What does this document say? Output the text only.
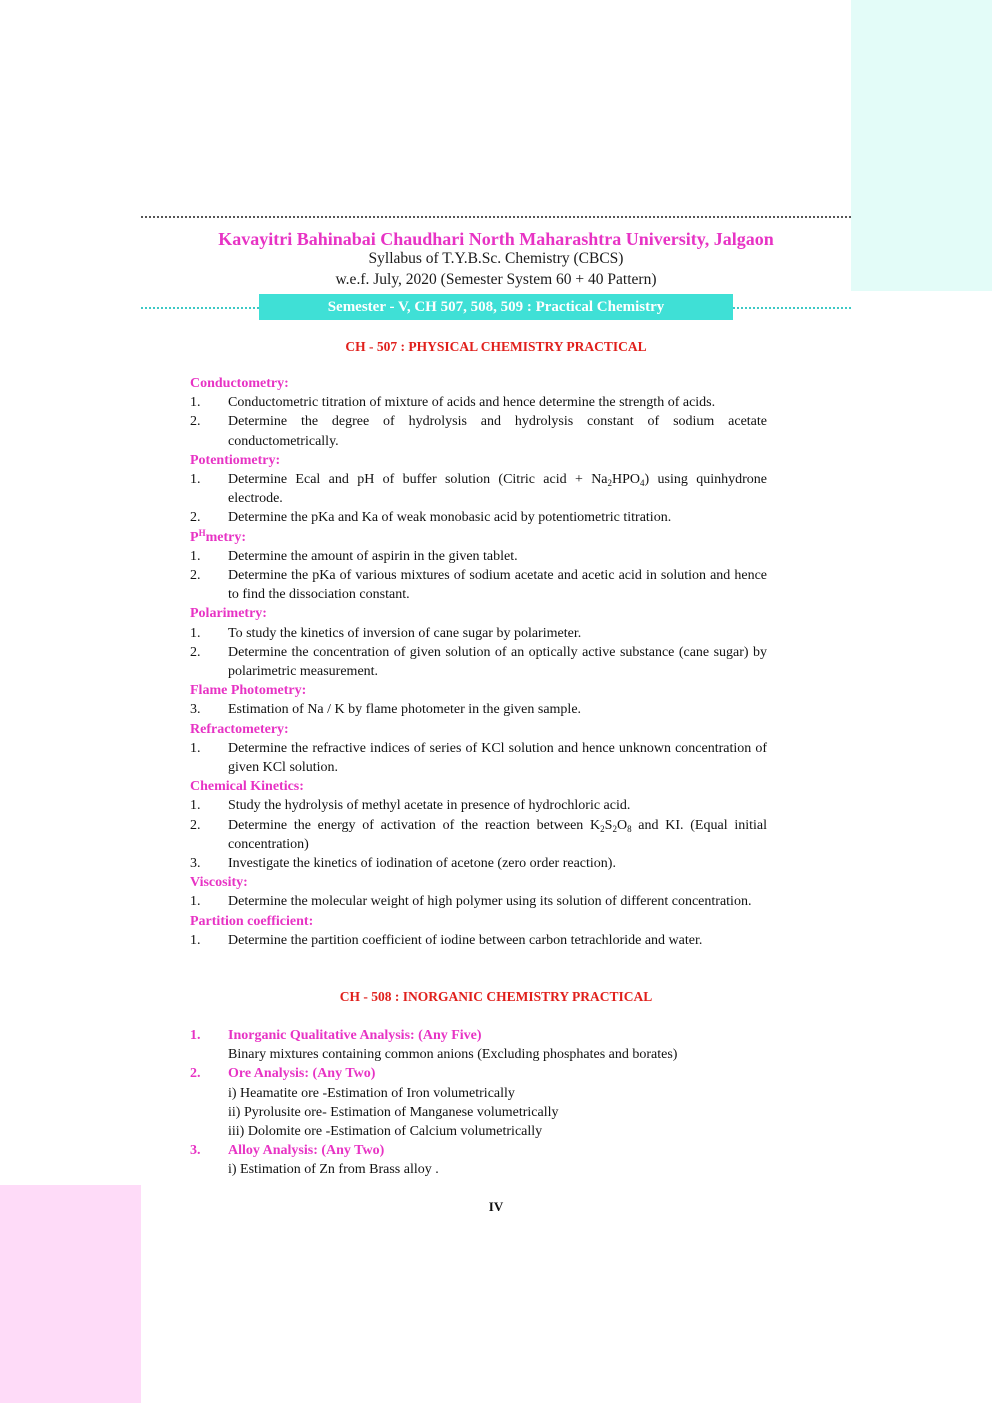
Kavayitri Bahinabai Chaudhari North Maharashtra University, Jalgaon
Syllabus of T.Y.B.Sc. Chemistry (CBCS)
w.e.f. July, 2020 (Semester System 60 + 40 Pattern)
Semester - V, CH 507, 508, 509 : Practical Chemistry
CH - 507 : PHYSICAL CHEMISTRY PRACTICAL
Conductometry:
1.	Conductometric titration of mixture of acids and hence determine the strength of acids.
2.	Determine the degree of hydrolysis and hydrolysis constant of sodium acetate conductometrically.
Potentiometry:
1.	Determine Ecal and pH of buffer solution (Citric acid + $Na_2HPO_4$) using quinhydrone electrode.
2.	Determine the pKa and Ka of weak monobasic acid by potentiometric titration.
$P^Hmetry$:
1.	Determine the amount of aspirin in the given tablet.
2.	Determine the pKa of various mixtures of sodium acetate and acetic acid in solution and hence to find the dissociation constant.
Polarimetry:
1.	To study the kinetics of inversion of cane sugar by polarimeter.
2.	Determine the concentration of given solution of an optically active substance (cane sugar) by polarimetric measurement.
Flame Photometry:
3.	Estimation of Na / K by flame photometer in the given sample.
Refractometery:
1.	Determine the refractive indices of series of KCl solution and hence unknown concentration of given KCl solution.
Chemical Kinetics:
1.	Study the hydrolysis of methyl acetate in presence of hydrochloric acid.
2.	Determine the energy of activation of the reaction between $K_2S_2O_8$ and KI. (Equal initial concentration)
3.	Investigate the kinetics of iodination of acetone (zero order reaction).
Viscosity:
1.	Determine the molecular weight of high polymer using its solution of different concentration.
Partition coefficient:
1.	Determine the partition coefficient of iodine between carbon tetrachloride and water.
CH - 508 : INORGANIC CHEMISTRY PRACTICAL
1.	Inorganic Qualitative Analysis: (Any Five)
Binary mixtures containing common anions (Excluding phosphates and borates)
2.	Ore Analysis: (Any Two)
i) Heamatite ore -Estimation of Iron volumetrically
ii) Pyrolusite ore- Estimation of Manganese volumetrically
iii) Dolomite ore -Estimation of Calcium volumetrically
3.	Alloy Analysis: (Any Two)
i) Estimation of Zn from Brass alloy .
IV
